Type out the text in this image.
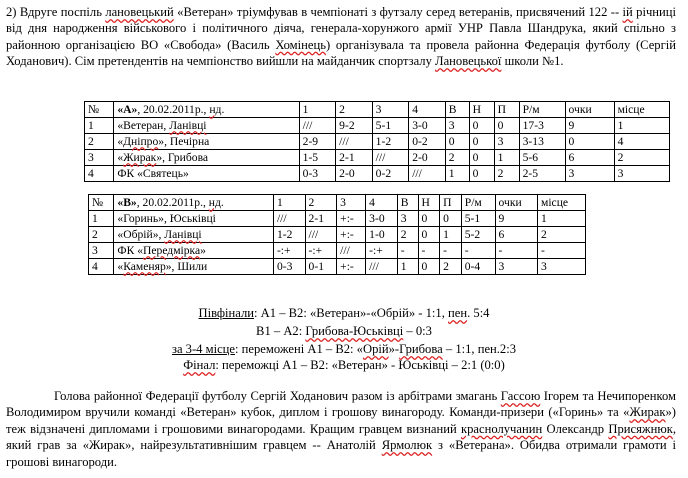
2) Вдруге поспіль лановецький «Ветеран» тріумфував в чемпіонаті з футзалу серед ветеранів, присвячений 122 -- ій річниці від дня народження військового і політичного діяча, генерала-хорунжого армії УНР Павла Шандрука, який спільно з районною організацією ВО «Свобода» (Василь Хомінець) організувала та провела районна Федерація футболу (Сергій Ходанович). Сім претендентів на чемпіонство вийшли на майданчик спортзалу Лановецької школи №1.

№	«А», 20.02.2011р., нд.	1	2	3	4	В	Н	П	Р/м	очки	місце
1	«Ветеран, Ланівці	///	9-2	5-1	3-0	3	0	0	17-3	9	1
2	«Дніпро», Печірна	2-9	///	1-2	0-2	0	0	3	3-13	0	4
3	«Жирак», Грибова	1-5	2-1	///	2-0	2	0	1	5-6	6	2
4	ФК «Святець»	0-3	2-0	0-2	///	1	0	2	2-5	3	3
№	«В», 20.02.2011р., нд.	1	2	3	4	В	Н	П	Р/м	очки	місце
1	«Горинь», Юськівці	///	2-1	+:-	3-0	3	0	0	5-1	9	1
2	«Обрій», Ланівці	1-2	///	+:-	1-0	2	0	1	5-2	6	2
3	ФК «Передмірка»	-:+	-:+	///	-:+	-	-	-	-	-	-
4	«Каменяр», Шили	0-3	0-1	+:-	///	1	0	2	0-4	3	3
Півфінали: А1 – В2: «Ветеран»-«Обрій» - 1:1, пен. 5:4
В1 – А2: Грибова-Юськівці – 0:3
за 3-4 місце: переможені А1 – В2: «Орій»-Грибова – 1:1, пен.2:3
Фінал: переможці А1 – В2: «Ветеран» - Юськівці – 2:1 (0:0)

Голова районної Федерації футболу Сергій Ходанович разом із арбітрами змагань Гассою Ігорем та Нечипоренком Володимиром вручили команді «Ветеран» кубок, диплом і грошову винагороду. Команди-призери («Горинь» та «Жирак») теж відзначені дипломами і грошовими винагородами. Кращим гравцем визнаний краснолучанин Олександр Присяжнюк, який грав за «Жирак», найрезультативнішим гравцем -- Анатолій Ярмолюк з «Ветерана». Обидва отримали грамоти і грошові винагороди.
